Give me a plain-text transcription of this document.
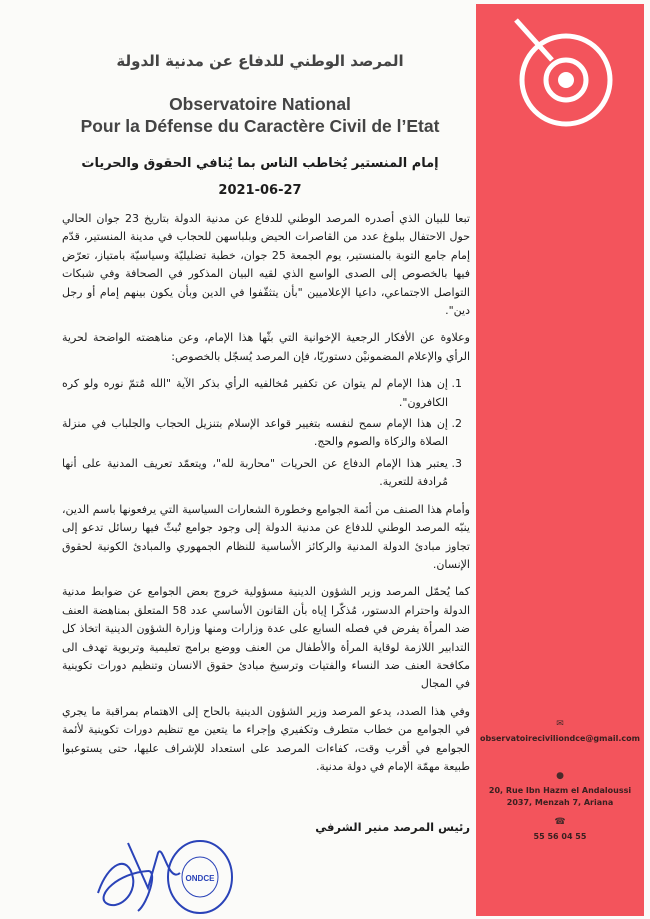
المرصد الوطني للدفاع عن مدنية الدولة
Observatoire National
Pour la Défense du Caractère Civil de l’Etat
إمام المنستير يُخاطب الناس بما يُنافي الحقوق والحريات
2021-06-27

تبعا للبيان الذي أصدره المرصد الوطني للدفاع عن مدنية الدولة بتاريخ 23 جوان الحالي حول الاحتفال ببلوغ عدد من القاصرات الحيض وبلباسهن للحجاب في مدينة المنستير، قدّم إمام جامع التوبة بالمنستير، يوم الجمعة 25 جوان، خطبة تضليليّة وسياسيّة بامتياز، تعرّض فيها بالخصوص إلى الصدى الواسع الذي لقيه البيان المذكور في الصحافة وفي شبكات التواصل الاجتماعي، داعيا الإعلاميين "بأن يتثقّفوا في الدين وبأن يكون بينهم إمام أو رجل دين".

وعلاوة عن الأفكار الرجعية الإخوانية التي بثّها هذا الإمام، وعن مناهضته الواضحة لحرية الرأي والإعلام المضمونيْن دستوريّا، فإن المرصد يُسجّل بالخصوص:

1. إن هذا الإمام لم يتوان عن تكفير مُخالفيه الرأي بذكر الآية "الله مُتمّ نوره ولو كره الكافرون".
2. إن هذا الإمام سمح لنفسه بتغيير قواعد الإسلام بتنزيل الحجاب والجلباب في منزلة الصلاة والزكاة والصوم والحج.
3. يعتبر هذا الإمام الدفاع عن الحريات "محاربة لله"، ويتعمّد تعريف المدنية على أنها مُرادفة للتعرية.

وأمام هذا الصنف من أئمة الجوامع وخطورة الشعارات السياسية التي يرفعونها باسم الدين، ينبّه المرصد الوطني للدفاع عن مدنية الدولة إلى وجود جوامع تُبثّ فيها رسائل تدعو إلى تجاوز مبادئ الدولة المدنية والركائز الأساسية للنظام الجمهوري والمبادئ الكونية لحقوق الإنسان.

كما يُحمّل المرصد وزير الشؤون الدينية مسؤولية خروج بعض الجوامع عن ضوابط مدنية الدولة واحترام الدستور، مُذكّرا إياه بأن القانون الأساسي عدد 58 المتعلق بمناهضة العنف ضد المرأة يفرض في فصله السابع على عدة وزارات ومنها وزارة الشؤون الدينية اتخاذ كل التدابير اللازمة لوقاية المرأة والأطفال من العنف ووضع برامج تعليمية وتربوية تهدف الى مكافحة العنف ضد النساء والفتيات وترسيخ مبادئ حقوق الانسان وتنظيم دورات تكوينية في المجال

وفي هذا الصدد، يدعو المرصد وزير الشؤون الدينية بالحاح إلى الاهتمام بمراقبة ما يجري في الجوامع من خطاب متطرف وتكفيري وإجراء ما يتعين مع تنظيم دورات تكوينية لأئمة الجوامع في أقرب وقت، كفاءات المرصد على استعداد للإشراف عليها، حتى يستوعبوا طبيعة مهمّة الإمام في دولة مدنية.

رئيس المرصد منير الشرفي
ONDCE
✉
observatoireciviliondce@gmail.com
●
20, Rue Ibn Hazm el Andaloussi
2037, Menzah 7, Ariana
☎
55 56 04 55
